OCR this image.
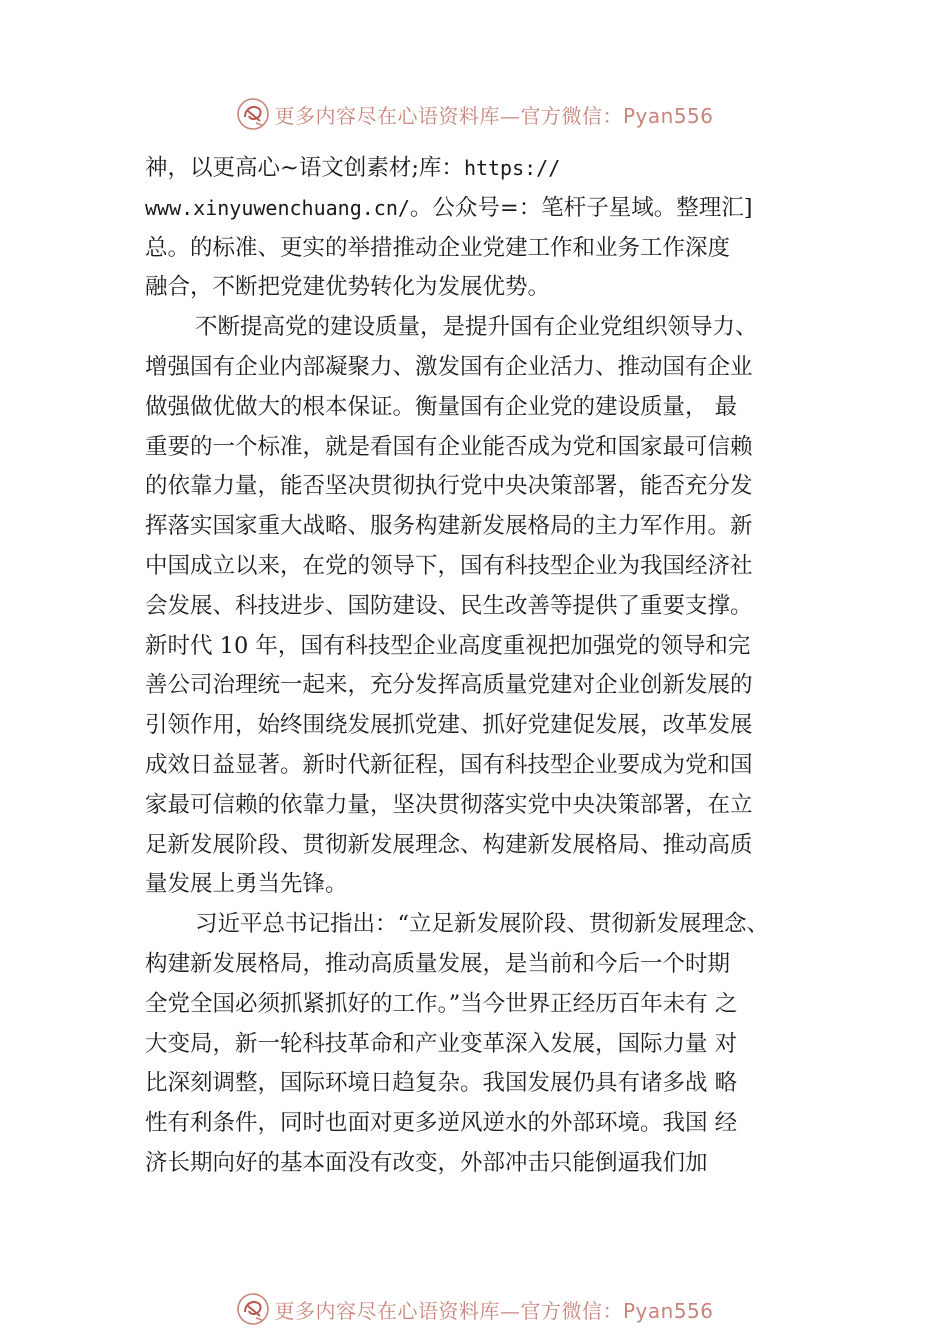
更多内容尽在心语资料库—官方微信：Pyan556
神，以更高心~语文创素材;库：https://
www.xinyuwenchuang.cn/。公众号=：笔杆子星域。整理汇]
总。的标准、更实的举措推动企业党建工作和业务工作深度
融合，不断把党建优势转化为发展优势。
不断提高党的建设质量，是提升国有企业党组织领导力、
增强国有企业内部凝聚力、激发国有企业活力、推动国有企业
做强做优做大的根本保证。衡量国有企业党的建设质量， 最
重要的一个标准，就是看国有企业能否成为党和国家最可信赖
的依靠力量，能否坚决贯彻执行党中央决策部署，能否充分发
挥落实国家重大战略、服务构建新发展格局的主力军作用。新
中国成立以来，在党的领导下，国有科技型企业为我国经济社
会发展、科技进步、国防建设、民生改善等提供了重要支撑。
新时代 10 年，国有科技型企业高度重视把加强党的领导和完
善公司治理统一起来，充分发挥高质量党建对企业创新发展的
引领作用，始终围绕发展抓党建、抓好党建促发展，改革发展
成效日益显著。新时代新征程，国有科技型企业要成为党和国
家最可信赖的依靠力量，坚决贯彻落实党中央决策部署，在立
足新发展阶段、贯彻新发展理念、构建新发展格局、推动高质
量发展上勇当先锋。
习近平总书记指出：“立足新发展阶段、贯彻新发展理念、
构建新发展格局，推动高质量发展，是当前和今后一个时期
全党全国必须抓紧抓好的工作。”当今世界正经历百年未有 之
大变局，新一轮科技革命和产业变革深入发展，国际力量 对
比深刻调整，国际环境日趋复杂。我国发展仍具有诸多战 略
性有利条件，同时也面对更多逆风逆水的外部环境。我国 经
济长期向好的基本面没有改变，外部冲击只能倒逼我们加
更多内容尽在心语资料库—官方微信：Pyan556
